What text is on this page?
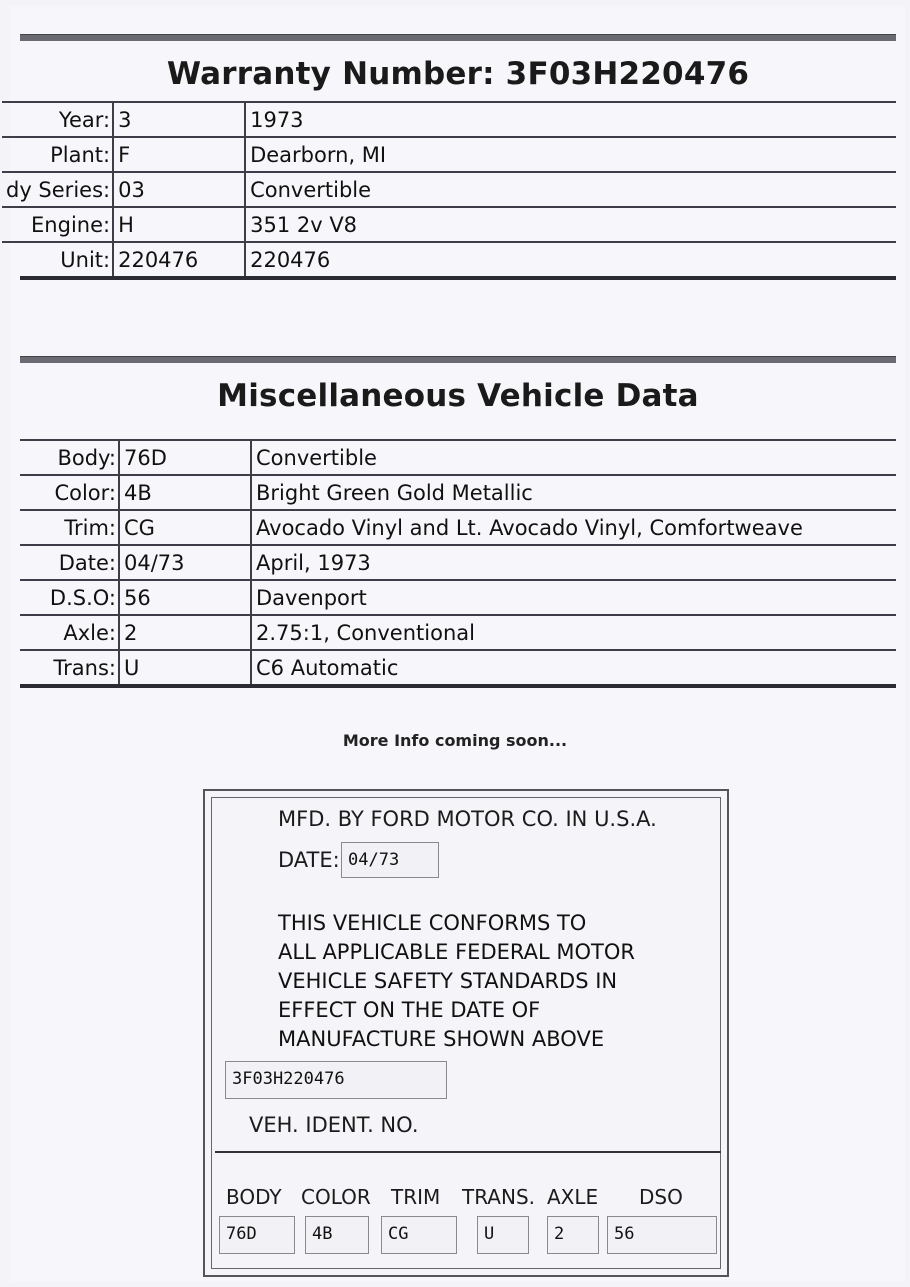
Warranty Number: 3F03H220476
Year:	3	1973
Plant:	F	Dearborn, MI
dy Series:	03	Convertible
Engine:	H	351 2v V8
Unit:	220476	220476
Miscellaneous Vehicle Data
Body:	76D	Convertible
Color:	4B	Bright Green Gold Metallic
Trim:	CG	Avocado Vinyl and Lt. Avocado Vinyl, Comfortweave
Date:	04/73	April, 1973
D.S.O:	56	Davenport
Axle:	2	2.75:1, Conventional
Trans:	U	C6 Automatic
More Info coming soon...
MFD. BY FORD MOTOR CO. IN U.S.A.
DATE: 04/73
THIS VEHICLE CONFORMS TO
ALL APPLICABLE FEDERAL MOTOR
VEHICLE SAFETY STANDARDS IN
EFFECT ON THE DATE OF
MANUFACTURE SHOWN ABOVE
3F03H220476
VEH. IDENT. NO.
BODY COLOR TRIM TRANS. AXLE DSO
76D	4B	CG	U	2	56
